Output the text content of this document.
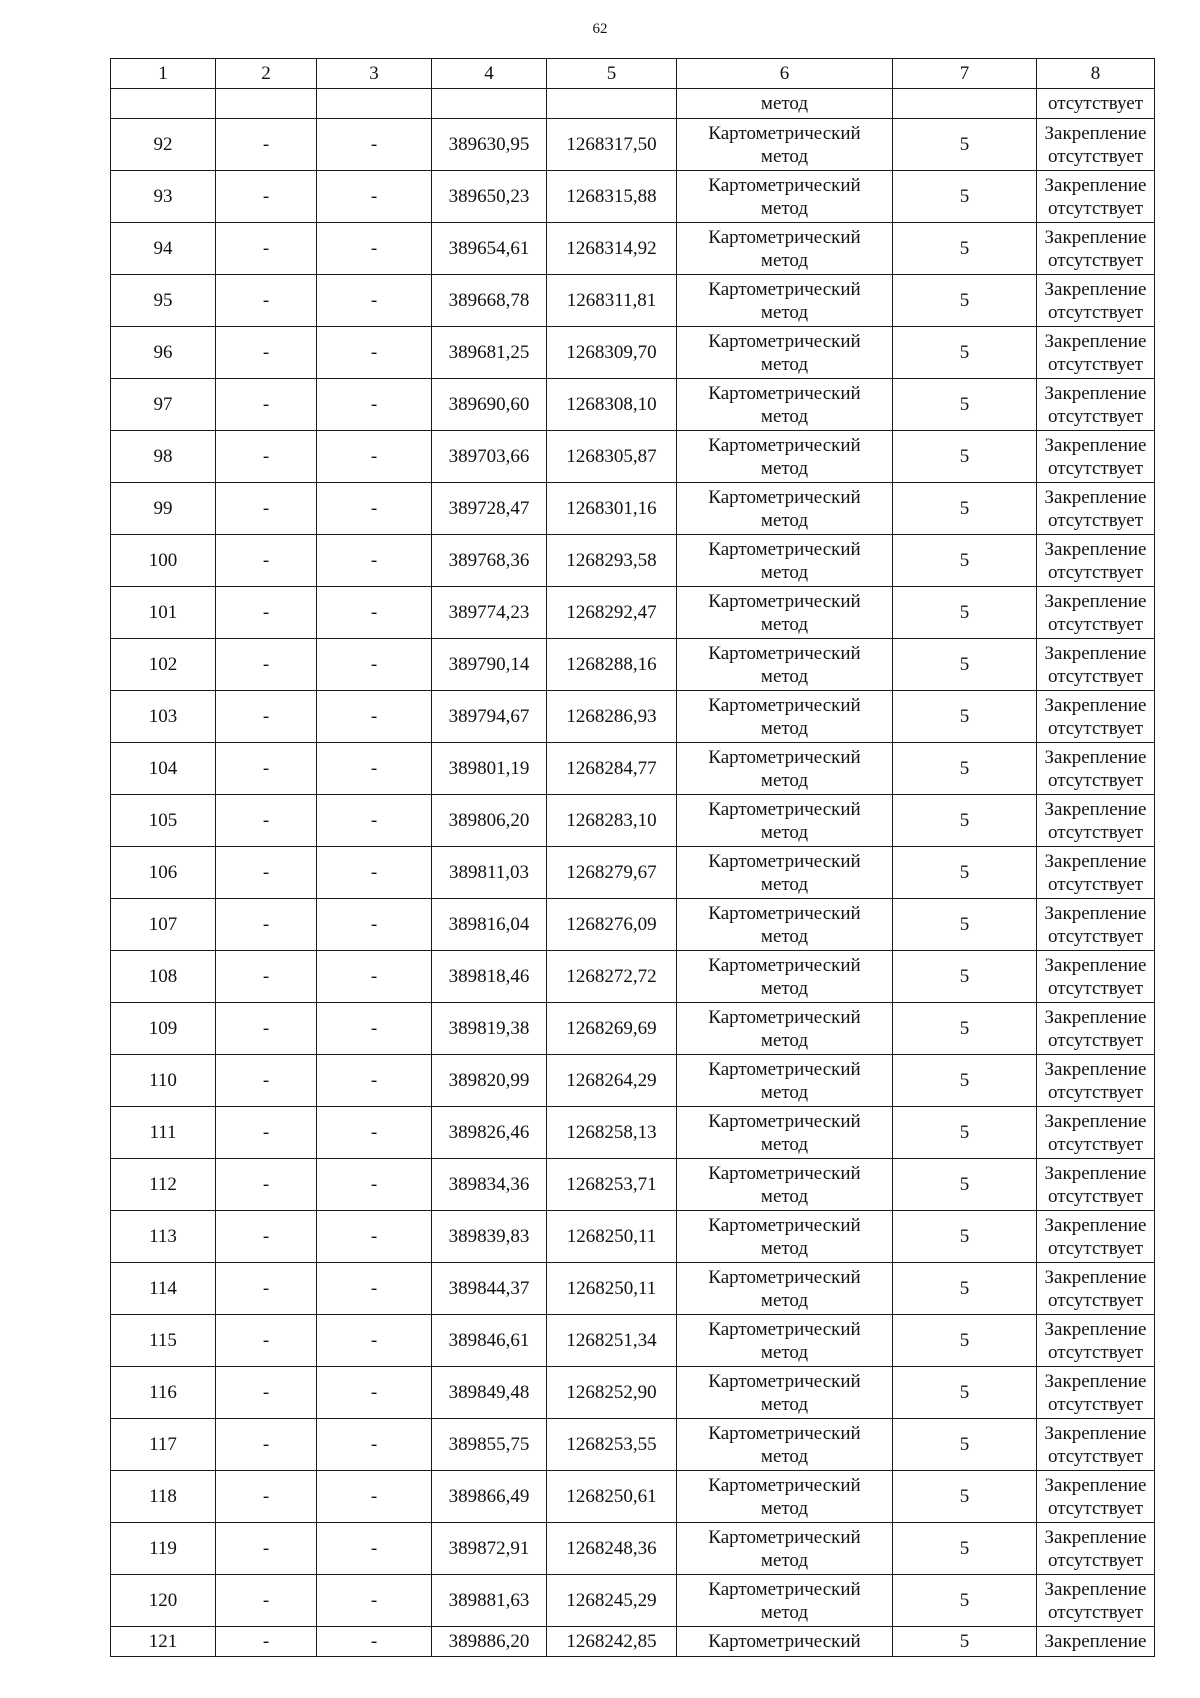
62
1	2	3	4	5	6	7	8
					метод		отсутствует
92	-	-	389630,95	1268317,50	Картометрический
метод	5	Закрепление
отсутствует

93	-	-	389650,23	1268315,88	Картометрический
метод	5	Закрепление
отсутствует

94	-	-	389654,61	1268314,92	Картометрический
метод	5	Закрепление
отсутствует

95	-	-	389668,78	1268311,81	Картометрический
метод	5	Закрепление
отсутствует

96	-	-	389681,25	1268309,70	Картометрический
метод	5	Закрепление
отсутствует

97	-	-	389690,60	1268308,10	Картометрический
метод	5	Закрепление
отсутствует

98	-	-	389703,66	1268305,87	Картометрический
метод	5	Закрепление
отсутствует

99	-	-	389728,47	1268301,16	Картометрический
метод	5	Закрепление
отсутствует

100	-	-	389768,36	1268293,58	Картометрический
метод	5	Закрепление
отсутствует

101	-	-	389774,23	1268292,47	Картометрический
метод	5	Закрепление
отсутствует

102	-	-	389790,14	1268288,16	Картометрический
метод	5	Закрепление
отсутствует

103	-	-	389794,67	1268286,93	Картометрический
метод	5	Закрепление
отсутствует

104	-	-	389801,19	1268284,77	Картометрический
метод	5	Закрепление
отсутствует

105	-	-	389806,20	1268283,10	Картометрический
метод	5	Закрепление
отсутствует

106	-	-	389811,03	1268279,67	Картометрический
метод	5	Закрепление
отсутствует

107	-	-	389816,04	1268276,09	Картометрический
метод	5	Закрепление
отсутствует

108	-	-	389818,46	1268272,72	Картометрический
метод	5	Закрепление
отсутствует

109	-	-	389819,38	1268269,69	Картометрический
метод	5	Закрепление
отсутствует

110	-	-	389820,99	1268264,29	Картометрический
метод	5	Закрепление
отсутствует

111	-	-	389826,46	1268258,13	Картометрический
метод	5	Закрепление
отсутствует

112	-	-	389834,36	1268253,71	Картометрический
метод	5	Закрепление
отсутствует

113	-	-	389839,83	1268250,11	Картометрический
метод	5	Закрепление
отсутствует

114	-	-	389844,37	1268250,11	Картометрический
метод	5	Закрепление
отсутствует

115	-	-	389846,61	1268251,34	Картометрический
метод	5	Закрепление
отсутствует

116	-	-	389849,48	1268252,90	Картометрический
метод	5	Закрепление
отсутствует

117	-	-	389855,75	1268253,55	Картометрический
метод	5	Закрепление
отсутствует

118	-	-	389866,49	1268250,61	Картометрический
метод	5	Закрепление
отсутствует

119	-	-	389872,91	1268248,36	Картометрический
метод	5	Закрепление
отсутствует

120	-	-	389881,63	1268245,29	Картометрический
метод	5	Закрепление
отсутствует

121	-	-	389886,20	1268242,85	Картометрический	5	Закрепление
